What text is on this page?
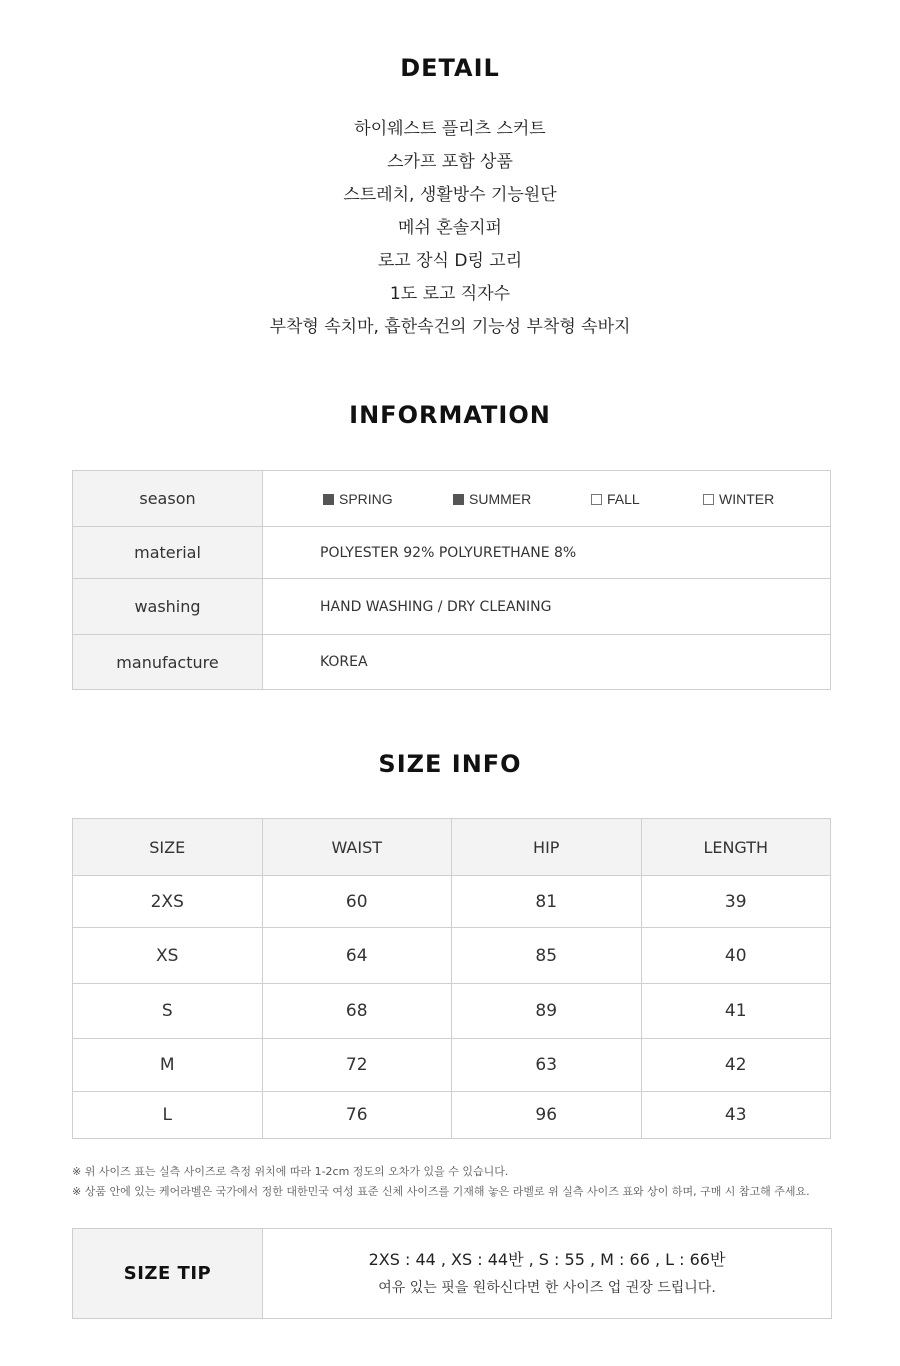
DETAIL
하이웨스트 플리츠 스커트
스카프 포함 상품
스트레치, 생활방수 기능원단
메쉬 혼솔지퍼
로고 장식 D링 고리
1도 로고 직자수
부착형 속치마, 흡한속건의 기능성 부착형 속바지
INFORMATION
season	SPRING SUMMER FALL WINTER

material	POLYESTER 92% POLYURETHANE 8%
washing	HAND WASHING / DRY CLEANING
manufacture	KOREA
SIZE INFO
SIZE	WAIST	HIP	LENGTH
2XS	60	81	39
XS	64	85	40
S	68	89	41
M	72	63	42
L	76	96	43
※ 위 사이즈 표는 실측 사이즈로 측정 위치에 따라 1-2cm 정도의 오차가 있을 수 있습니다.
※ 상품 안에 있는 케어라벨은 국가에서 정한 대한민국 여성 표준 신체 사이즈를 기재해 놓은 라벨로 위 실측 사이즈 표와 상이 하며, 구매 시 참고해 주세요.
SIZE TIP	
2XS : 44 , XS : 44반 , S : 55 , M : 66 , L : 66반
여유 있는 핏을 원하신다면 한 사이즈 업 권장 드립니다.
